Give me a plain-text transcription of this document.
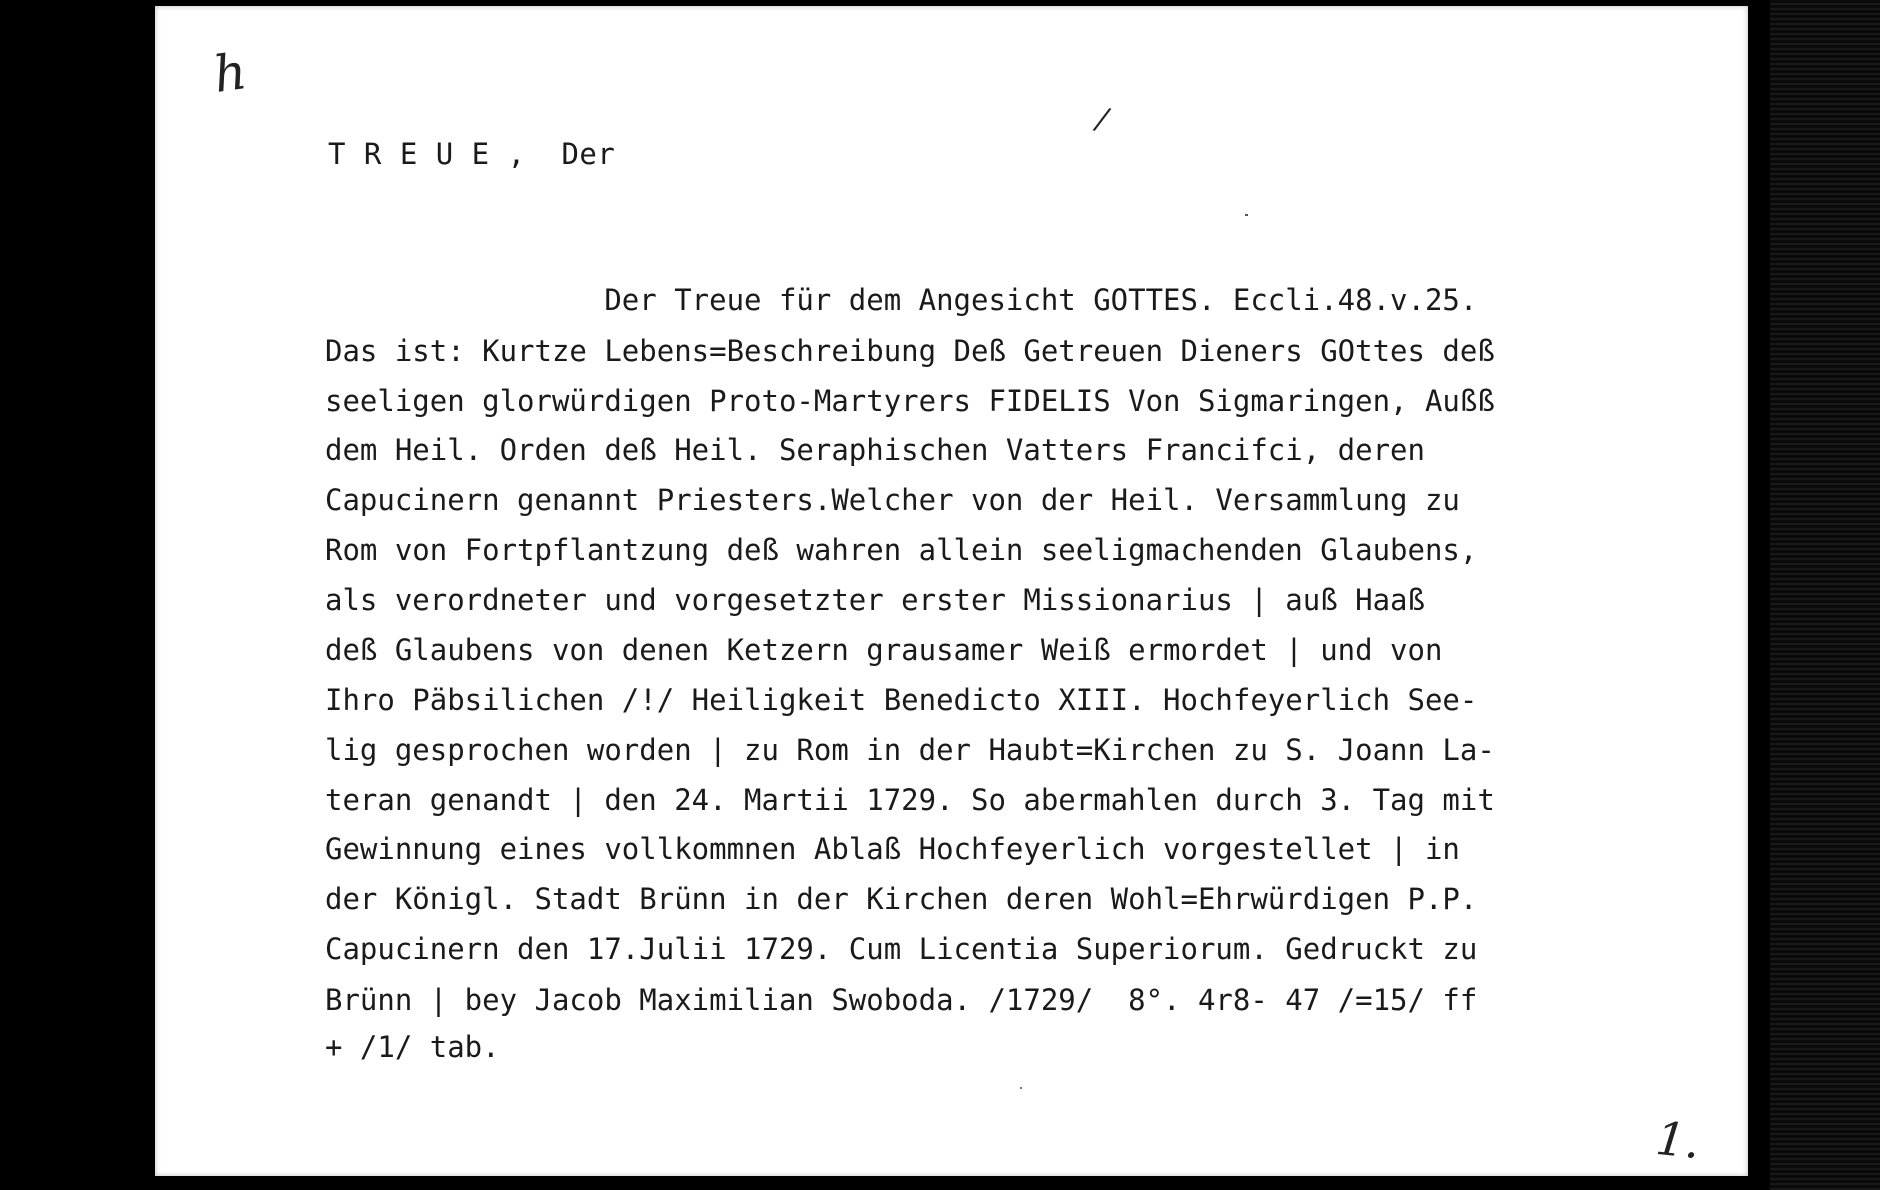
h
/
1.
T R E U E ,  Der
Der Treue für dem Angesicht GOTTES. Eccli.48.v.25.
Das ist: Kurtze Lebens=Beschreibung Deß Getreuen Dieners GOttes deß
seeligen glorwürdigen Proto-Martyrers FIDELIS Von Sigmaringen, Außß
dem Heil. Orden deß Heil. Seraphischen Vatters Francifci, deren
Capucinern genannt Priesters.Welcher von der Heil. Versammlung zu
Rom von Fortpflantzung deß wahren allein seeligmachenden Glaubens,
als verordneter und vorgesetzter erster Missionarius | auß Haaß
deß Glaubens von denen Ketzern grausamer Weiß ermordet | und von
Ihro Päbsilichen /!/ Heiligkeit Benedicto XIII. Hochfeyerlich See-
lig gesprochen worden | zu Rom in der Haubt=Kirchen zu S. Joann La-
teran genandt | den 24. Martii 1729. So abermahlen durch 3. Tag mit
Gewinnung eines vollkommnen Ablaß Hochfeyerlich vorgestellet | in
der Königl. Stadt Brünn in der Kirchen deren Wohl=Ehrwürdigen P.P.
Capucinern den 17.Julii 1729. Cum Licentia Superiorum. Gedruckt zu
Brünn | bey Jacob Maximilian Swoboda. /1729/  8°. 4r8- 47 /=15/ ff
+ /1/ tab.
